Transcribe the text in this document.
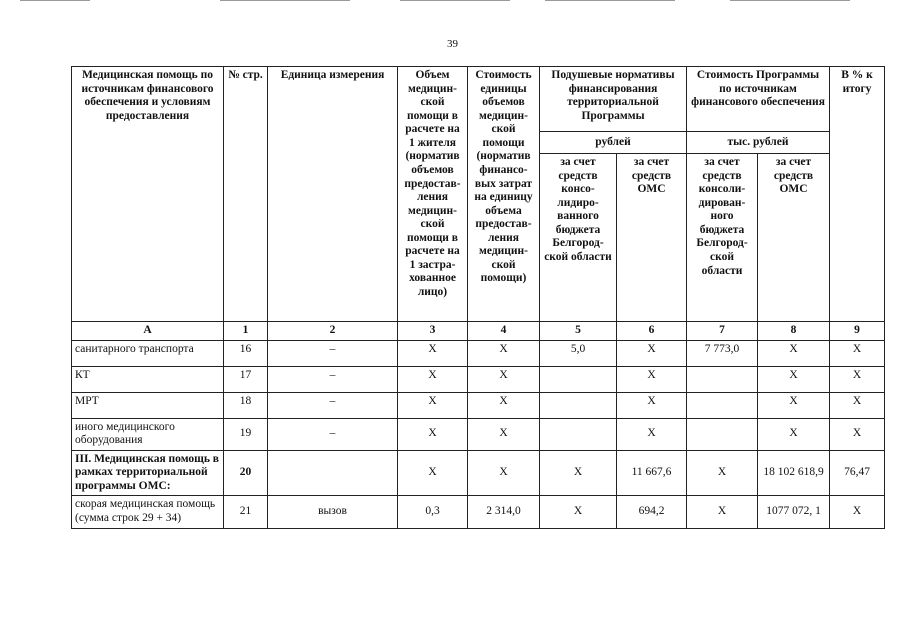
39
Медицинская помощь по источникам финансового обеспечения и условиям предоставления	№ стр.	Единица измерения	Объем медицин-ской помощи в расчете на 1 жителя (норматив объемов предостав-ления медицин-ской помощи в расчете на 1 застра-хованное лицо)	Стоимость единицы объемов медицин-ской помощи (норматив финансо-вых затрат на единицу объема предостав-ления медицин-ской помощи)	Подушевые нормативы финансирования территориальной Программы		Стоимость Программы по источникам финансового обеспечения		В % к итогу
					рублей		тыс. рублей		
					за счет средств консо-лидиро-ванного бюджета Белгород-ской области	за счет средств ОМС	за счет средств консоли-дирован-ного бюджета Белгород-ской области	за счет средств ОМС	
А	1	2	3	4	5	6	7	8	9
санитарного транспорта	16	–	X	X	5,0	X	7 773,0	X	X
КТ	17	–	X	X		X		X	X
МРТ	18	–	X	X		X		X	X
иного медицинского оборудования	19	–	X	X		X		X	X
III. Медицинская помощь в рамках территориальной программы ОМС:	20		X	X	X	11 667,6	X	18 102 618,9	76,47
скорая медицинская помощь (сумма строк 29 + 34)	21	вызов	0,3	2 314,0	X	694,2	X	1077 072, 1	X
